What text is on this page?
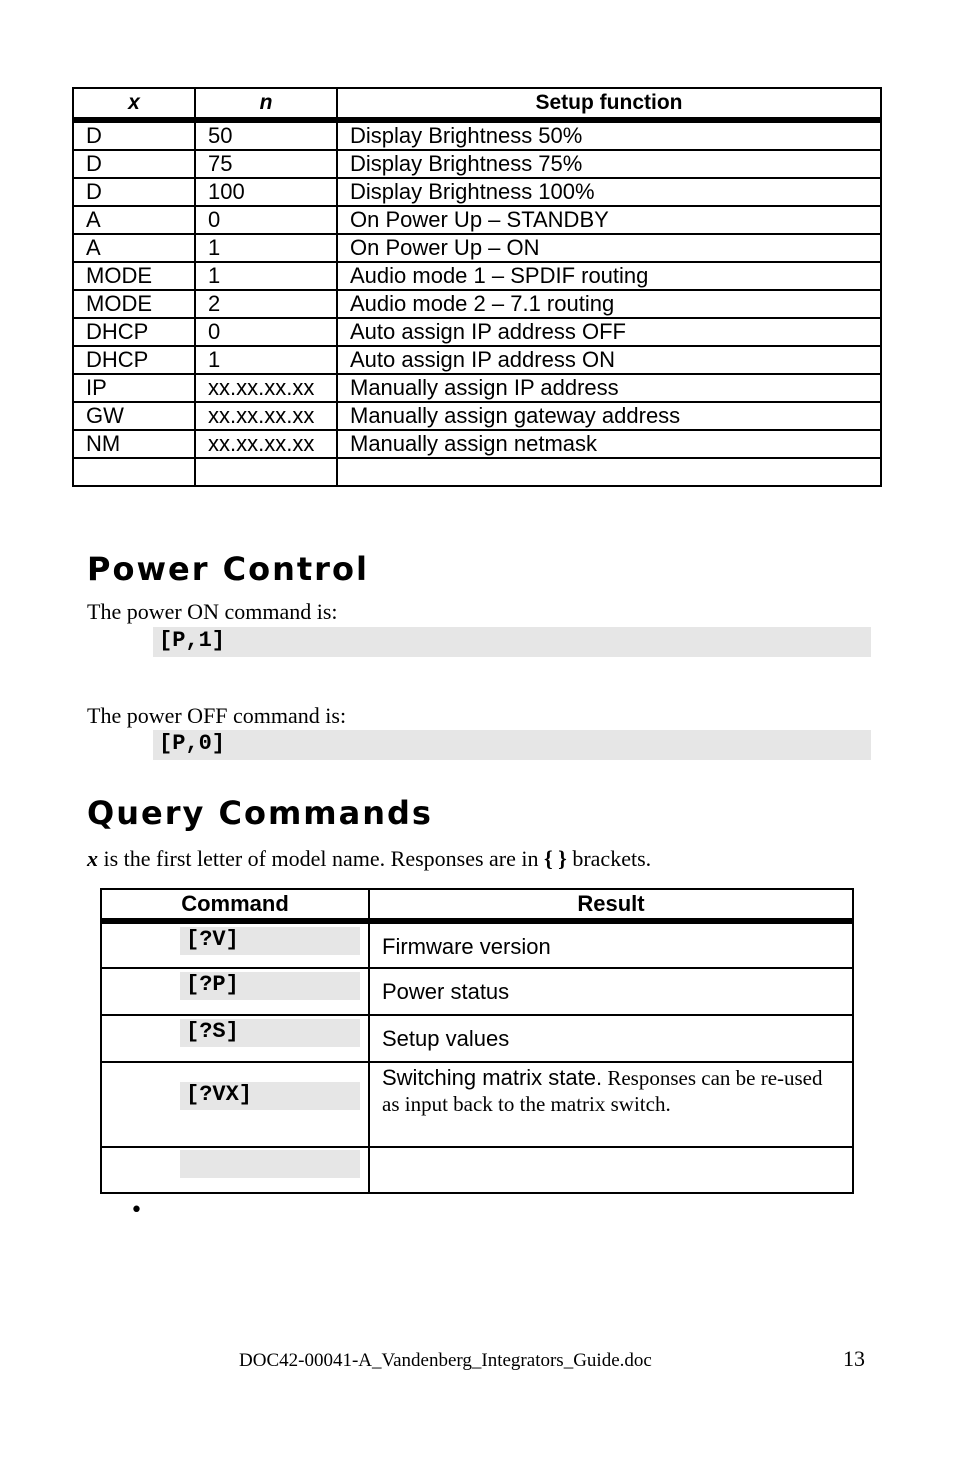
x	n	Setup function
D	50	Display Brightness 50%
D	75	Display Brightness 75%
D	100	Display Brightness 100%
A	0	On Power Up – STANDBY
A	1	On Power Up – ON
MODE	1	Audio mode 1 – SPDIF routing
MODE	2	Audio mode 2 – 7.1 routing
DHCP	0	Auto assign IP address OFF
DHCP	1	Auto assign IP address ON
IP	xx.xx.xx.xx	Manually assign IP address
GW	xx.xx.xx.xx	Manually assign gateway address
NM	xx.xx.xx.xx	Manually assign netmask

Power Control

The power ON command is:

[P,1]

The power OFF command is:

[P,0]
Query Commands

x is the first letter of model name. Responses are in { } brackets.

Command	Result

[?V]	Firmware version

[?P]	Power status

[?S]	Setup values

[?VX]	Switching matrix state. Responses can be re-used as input back to the matrix switch.

•
DOC42-00041-A_Vandenberg_Integrators_Guide.doc	13
